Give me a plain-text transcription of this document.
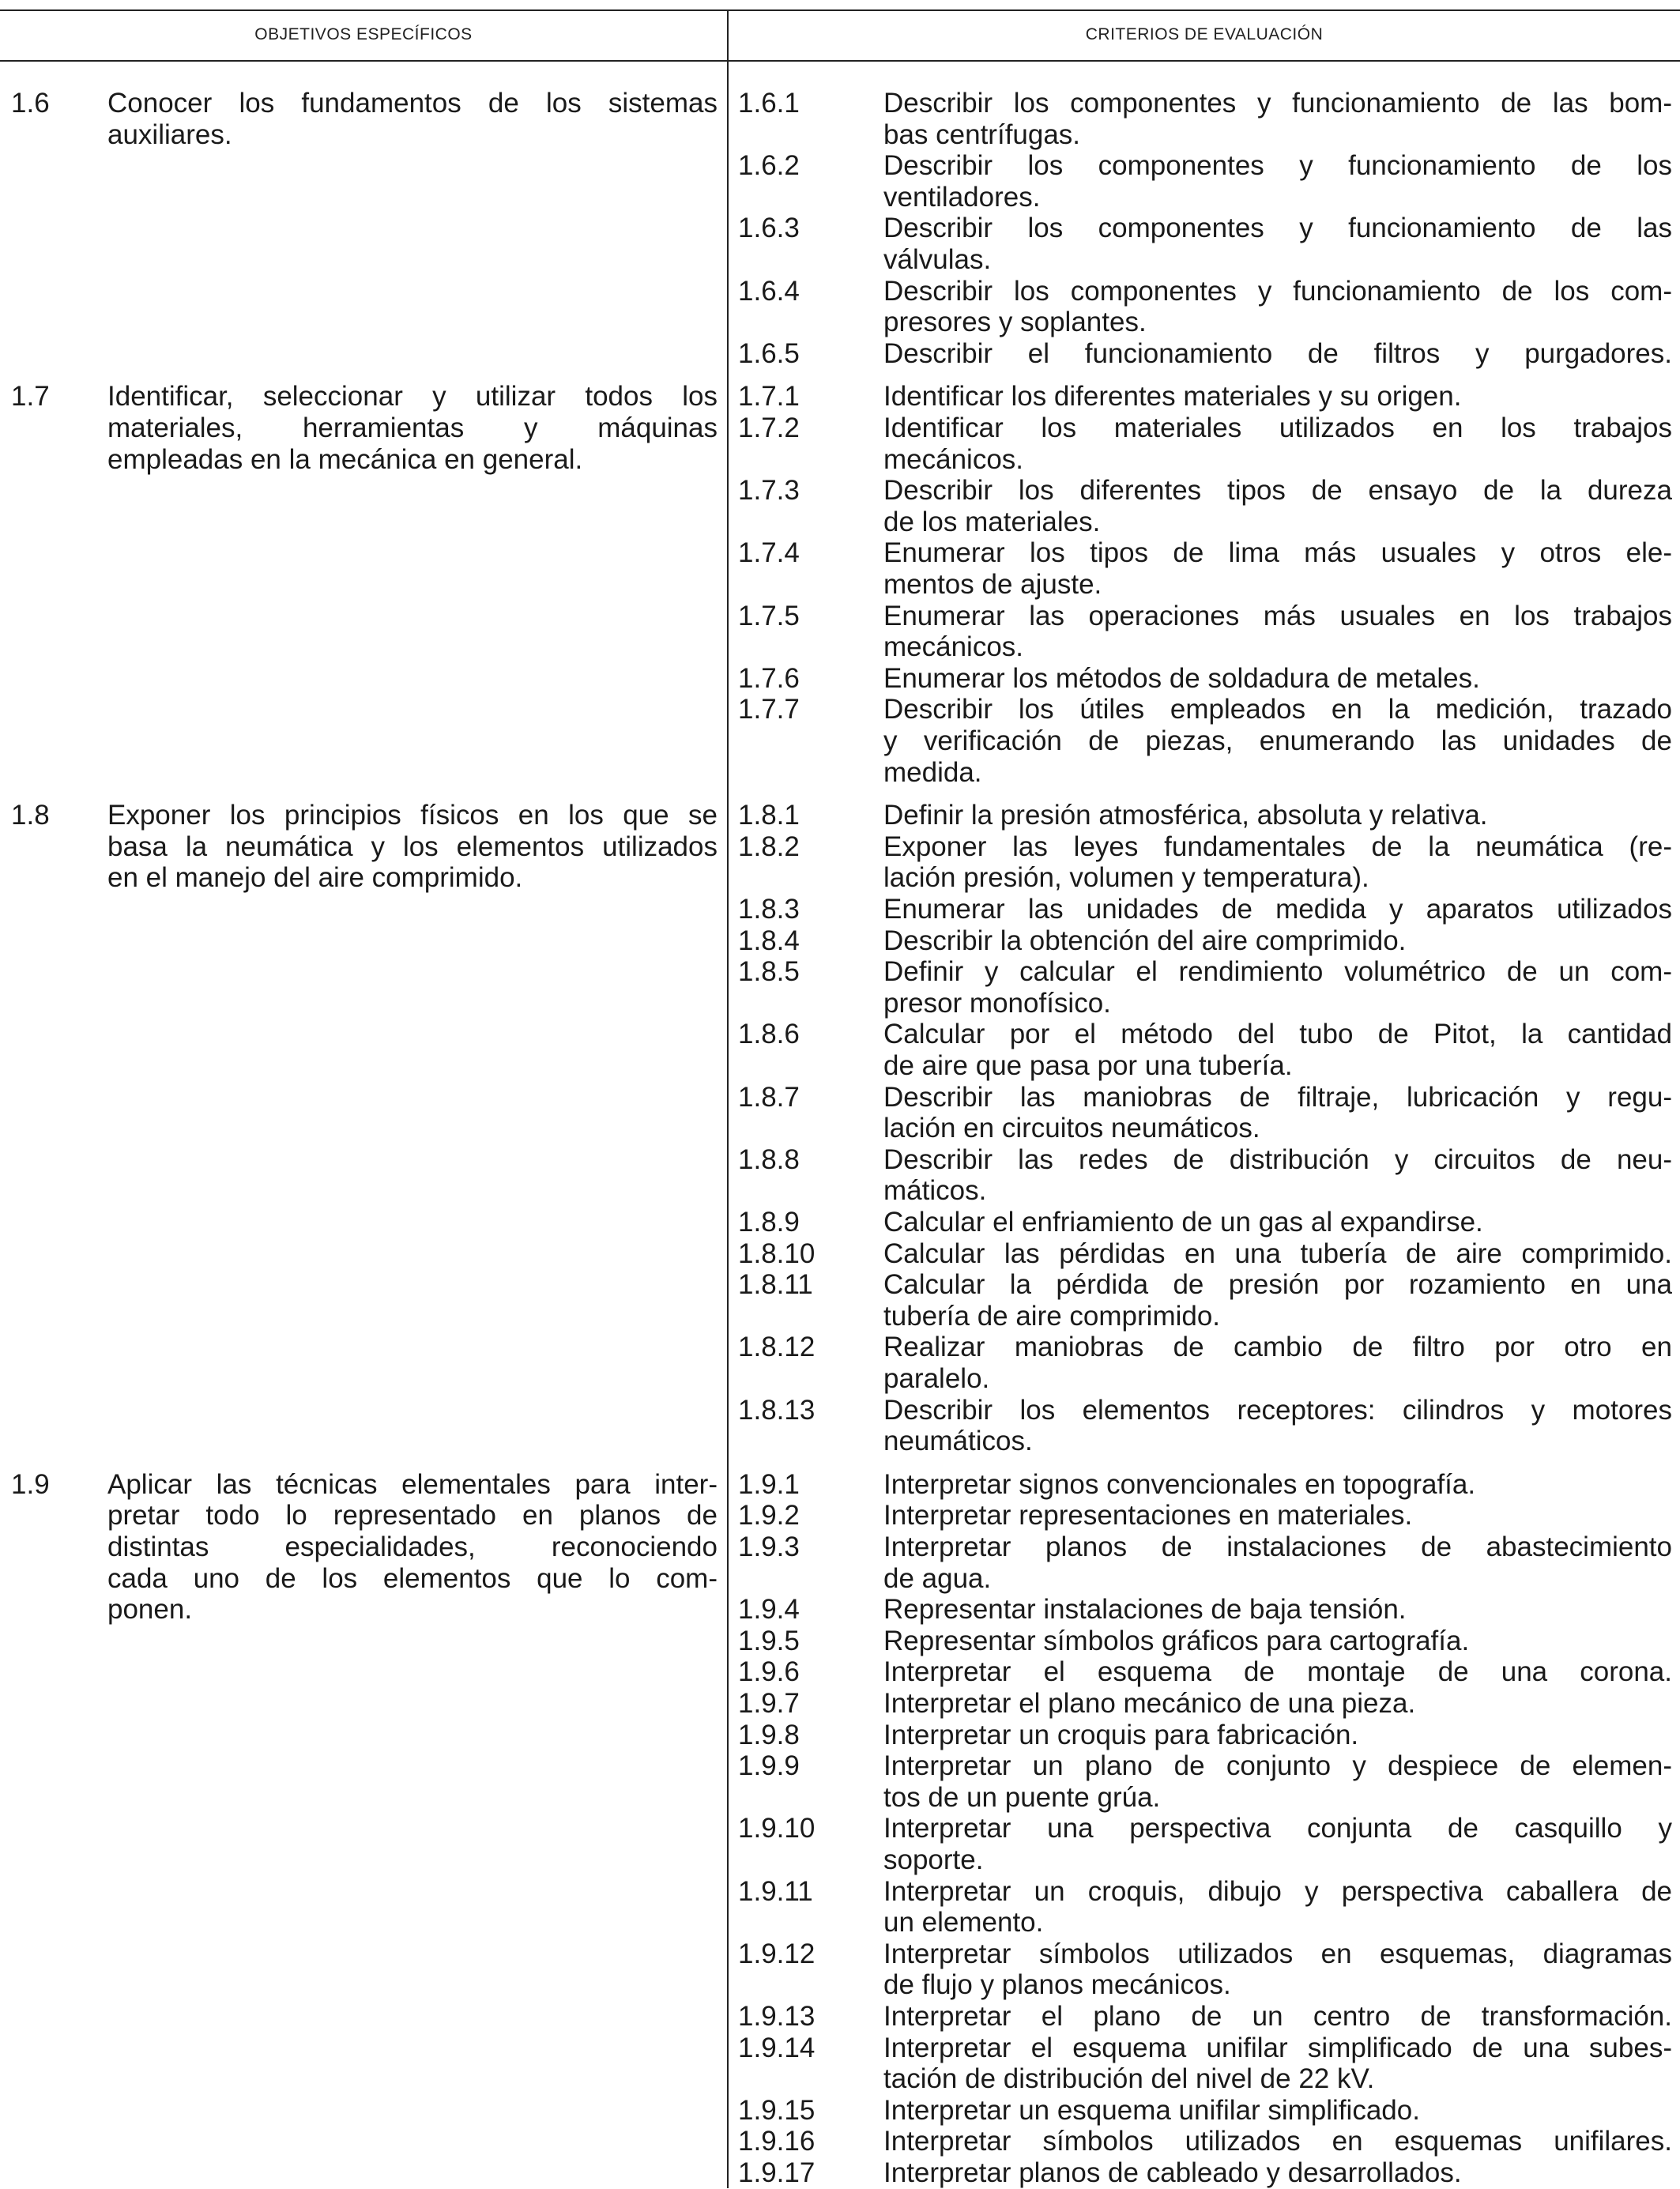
OBJETIVOS ESPECÍFICOS	CRITERIOS DE EVALUACIÓN
1.6 Conocer los fundamentos de los sistemas
auxiliares.
1.6.1	Describir los componentes y funcionamiento de las bom-
bas centrífugas.
1.6.2	Describir los componentes y funcionamiento de los
ventiladores.
1.6.3	Describir los componentes y funcionamiento de las
válvulas.
1.6.4	Describir los componentes y funcionamiento de los com-
presores y soplantes.
1.6.5	Describir el funcionamiento de filtros y purgadores.
1.7 Identificar, seleccionar y utilizar todos los
materiales, herramientas y máquinas
empleadas en la mecánica en general.
1.7.1	Identificar los diferentes materiales y su origen.
1.7.2	Identificar los materiales utilizados en los trabajos
mecánicos.
1.7.3	Describir los diferentes tipos de ensayo de la dureza
de los materiales.
1.7.4	Enumerar los tipos de lima más usuales y otros ele-
mentos de ajuste.
1.7.5	Enumerar las operaciones más usuales en los trabajos
mecánicos.
1.7.6	Enumerar los métodos de soldadura de metales.
1.7.7	Describir los útiles empleados en la medición, trazado
y verificación de piezas, enumerando las unidades de
medida.
1.8 Exponer los principios físicos en los que se
basa la neumática y los elementos utilizados
en el manejo del aire comprimido.
1.8.1	Definir la presión atmosférica, absoluta y relativa.
1.8.2	Exponer las leyes fundamentales de la neumática (re-
lación presión, volumen y temperatura).
1.8.3	Enumerar las unidades de medida y aparatos utilizados
1.8.4	Describir la obtención del aire comprimido.
1.8.5	Definir y calcular el rendimiento volumétrico de un com-
presor monofísico.
1.8.6	Calcular por el método del tubo de Pitot, la cantidad
de aire que pasa por una tubería.
1.8.7	Describir las maniobras de filtraje, lubricación y regu-
lación en circuitos neumáticos.
1.8.8	Describir las redes de distribución y circuitos de neu-
máticos.
1.8.9	Calcular el enfriamiento de un gas al expandirse.
1.8.10 Calcular las pérdidas en una tubería de aire comprimido.
1.8.11	Calcular la pérdida de presión por rozamiento en una
tubería de aire comprimido.
1.8.12 Realizar maniobras de cambio de filtro por otro en
paralelo.
1.8.13 Describir los elementos receptores: cilindros y motores
neumáticos.
1.9 Aplicar las técnicas elementales para inter-
pretar todo lo representado en planos de
distintas especialidades, reconociendo
cada uno de los elementos que lo com-
ponen.
1.9.1	Interpretar signos convencionales en topografía.
1.9.2	Interpretar representaciones en materiales.
1.9.3	Interpretar planos de instalaciones de abastecimiento
de agua.
1.9.4	Representar instalaciones de baja tensión.
1.9.5	Representar símbolos gráficos para cartografía.
1.9.6	Interpretar el esquema de montaje de una corona.
1.9.7	Interpretar el plano mecánico de una pieza.
1.9.8	Interpretar un croquis para fabricación.
1.9.9	Interpretar un plano de conjunto y despiece de elemen-
tos de un puente grúa.
1.9.10 Interpretar una perspectiva conjunta de casquillo y
soporte.
1.9.11	Interpretar un croquis, dibujo y perspectiva caballera de
un elemento.
1.9.12 Interpretar símbolos utilizados en esquemas, diagramas
de flujo y planos mecánicos.
1.9.13 Interpretar el plano de un centro de transformación.
1.9.14 Interpretar el esquema unifilar simplificado de una subes-
tación de distribución del nivel de 22 kV.
1.9.15 Interpretar un esquema unifilar simplificado.
1.9.16 Interpretar símbolos utilizados en esquemas unifilares.
1.9.17 Interpretar planos de cableado y desarrollados.
